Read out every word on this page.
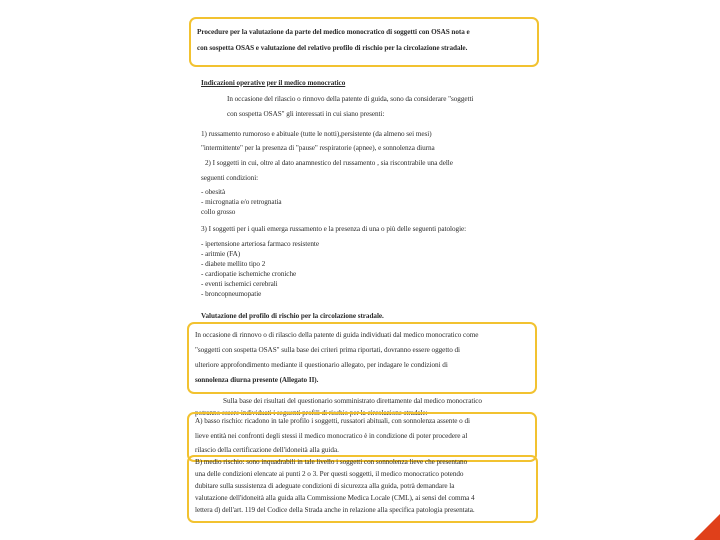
Procedure per la valutazione da parte del medico monocratico di soggetti con OSAS nota e
con sospetta OSAS e valutazione del relativo profilo di rischio per la circolazione stradale.
Indicazioni operative per il medico monocratico
In occasione del rilascio o rinnovo della patente di guida, sono da considerare "soggetti
con sospetta OSAS" gli interessati in cui siano presenti:
1) russamento rumoroso e abituale (tutte le notti),persistente (da almeno sei mesi)
"intermittente" per la presenza di "pause" respiratorie (apnee), e sonnolenza diurna
2) I soggetti in cui, oltre al dato anamnestico del russamento , sia riscontrabile una delle
seguenti condizioni:
- obesità
- micrognatia e/o retrognatia
collo grosso
3) I soggetti per i quali emerga russamento e la presenza di una o più delle seguenti patologie:
- ipertensione arteriosa farmaco resistente
- aritmie (FA)
- diabete mellito tipo 2
- cardiopatie ischemiche croniche
- eventi ischemici cerebrali
- broncopneumopatie
Valutazione del profilo di rischio per la circolazione stradale.
In occasione di rinnovo o di rilascio della patente di guida individuati dal medico monocratico come
"soggetti con sospetta OSAS" sulla base dei criteri prima riportati, dovranno essere oggetto di
ulteriore approfondimento mediante il questionario allegato, per indagare le condizioni di
sonnolenza diurna presente (Allegato II).
Sulla base dei risultati del questionario somministrato direttamente dal medico monocratico
potranno essere individuati i seguenti profili di rischio per la circolazione stradale:
A) basso rischio: ricadono in tale profilo i soggetti, russatori abituali, con sonnolenza assente o di
lieve entità nei confronti degli stessi il medico monocratico è in condizione di poter procedere al
rilascio della certificazione dell'idoneità alla guida.
B) medio rischio: sono inquadrabili in tale livello i soggetti con sonnolenza lieve che presentano
una delle condizioni elencate ai punti 2 o 3. Per questi soggetti, il medico monocratico potendo
dubitare sulla sussistenza di adeguate condizioni di sicurezza alla guida, potrà demandare la
valutazione dell'idoneità alla guida alla Commissione Medica Locale (CML), ai sensi del comma 4
lettera d) dell'art. 119 del Codice della Strada anche in relazione alla specifica patologia presentata.
